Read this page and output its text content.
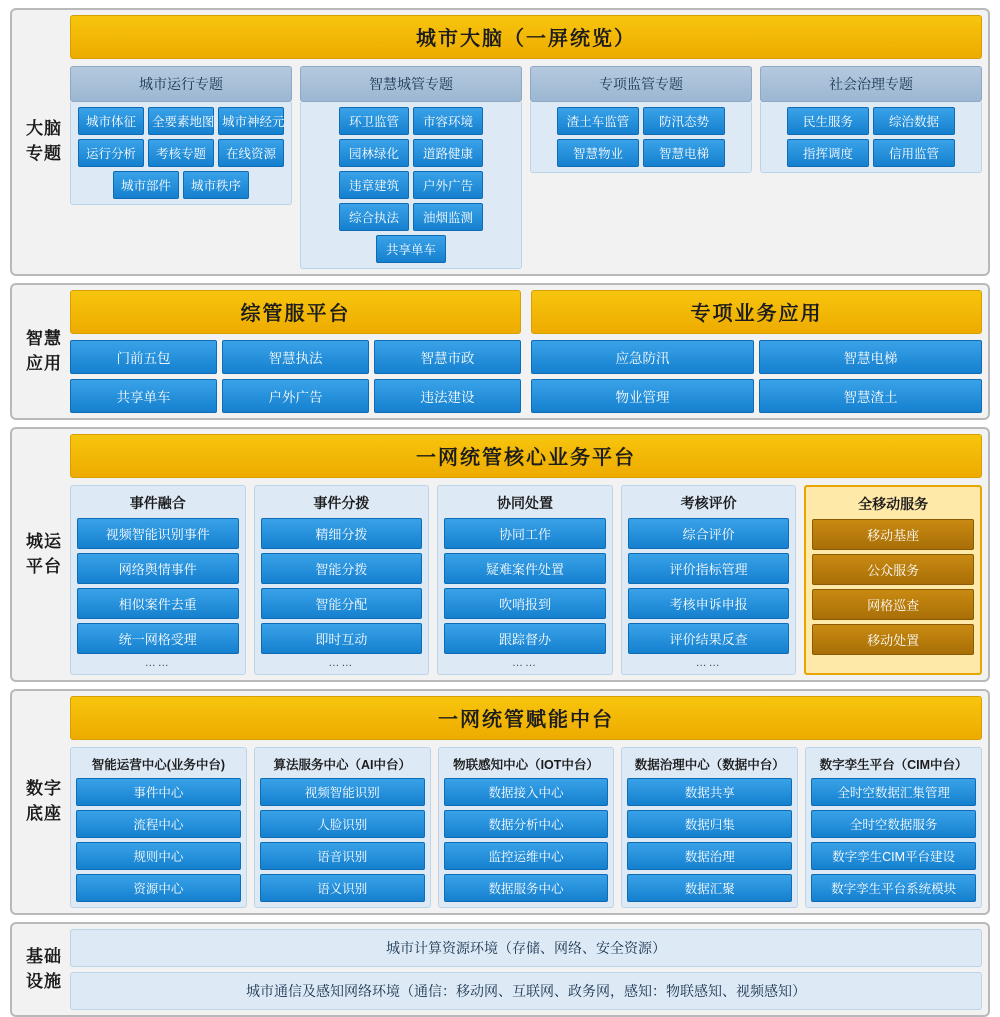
大脑
专题
城市大脑（一屏统览）
城市运行专题
城市体征	全要素地图 城市神经元
运行分析	考核专题	在线资源
城市部件	城市秩序
智慧城管专题
环卫监管	市容环境
园林绿化	道路健康
违章建筑	户外广告
综合执法	油烟监测
共享单车
专项监管专题
渣土车监管	防汛态势
智慧物业	智慧电梯
社会治理专题
民生服务	综治数据
指挥调度	信用监管
智慧
应用
综管服平台
门前五包	智慧执法	智慧市政
共享单车	户外广告	违法建设
专项业务应用
应急防汛	智慧电梯
物业管理	智慧渣土
城运
平台
一网统管核心业务平台
事件融合
视频智能识别事件
网络舆情事件
相似案件去重
统一网格受理
……
事件分拨
精细分拨
智能分拨
智能分配
即时互动
……
协同处置
协同工作
疑难案件处置
吹哨报到
跟踪督办
……
考核评价
综合评价
评价指标管理
考核申诉申报
评价结果反查
……
全移动服务
移动基座
公众服务
网格巡查
移动处置
数字
底座
一网统管赋能中台
智能运营中心(业务中台)
事件中心
流程中心
规则中心
资源中心
算法服务中心（AI中台）
视频智能识别
人脸识别
语音识别
语义识别
物联感知中心（IOT中台）
数据接入中心
数据分析中心
监控运维中心
数据服务中心
数据治理中心（数据中台）
数据共享
数据归集
数据治理
数据汇聚
数字孪生平台（CIM中台）
全时空数据汇集管理
全时空数据服务
数字孪生CIM平台建设
数字孪生平台系统模块
基础
设施
城市计算资源环境（存储、网络、安全资源）
城市通信及感知网络环境（通信：移动网、互联网、政务网，感知：物联感知、视频感知）
